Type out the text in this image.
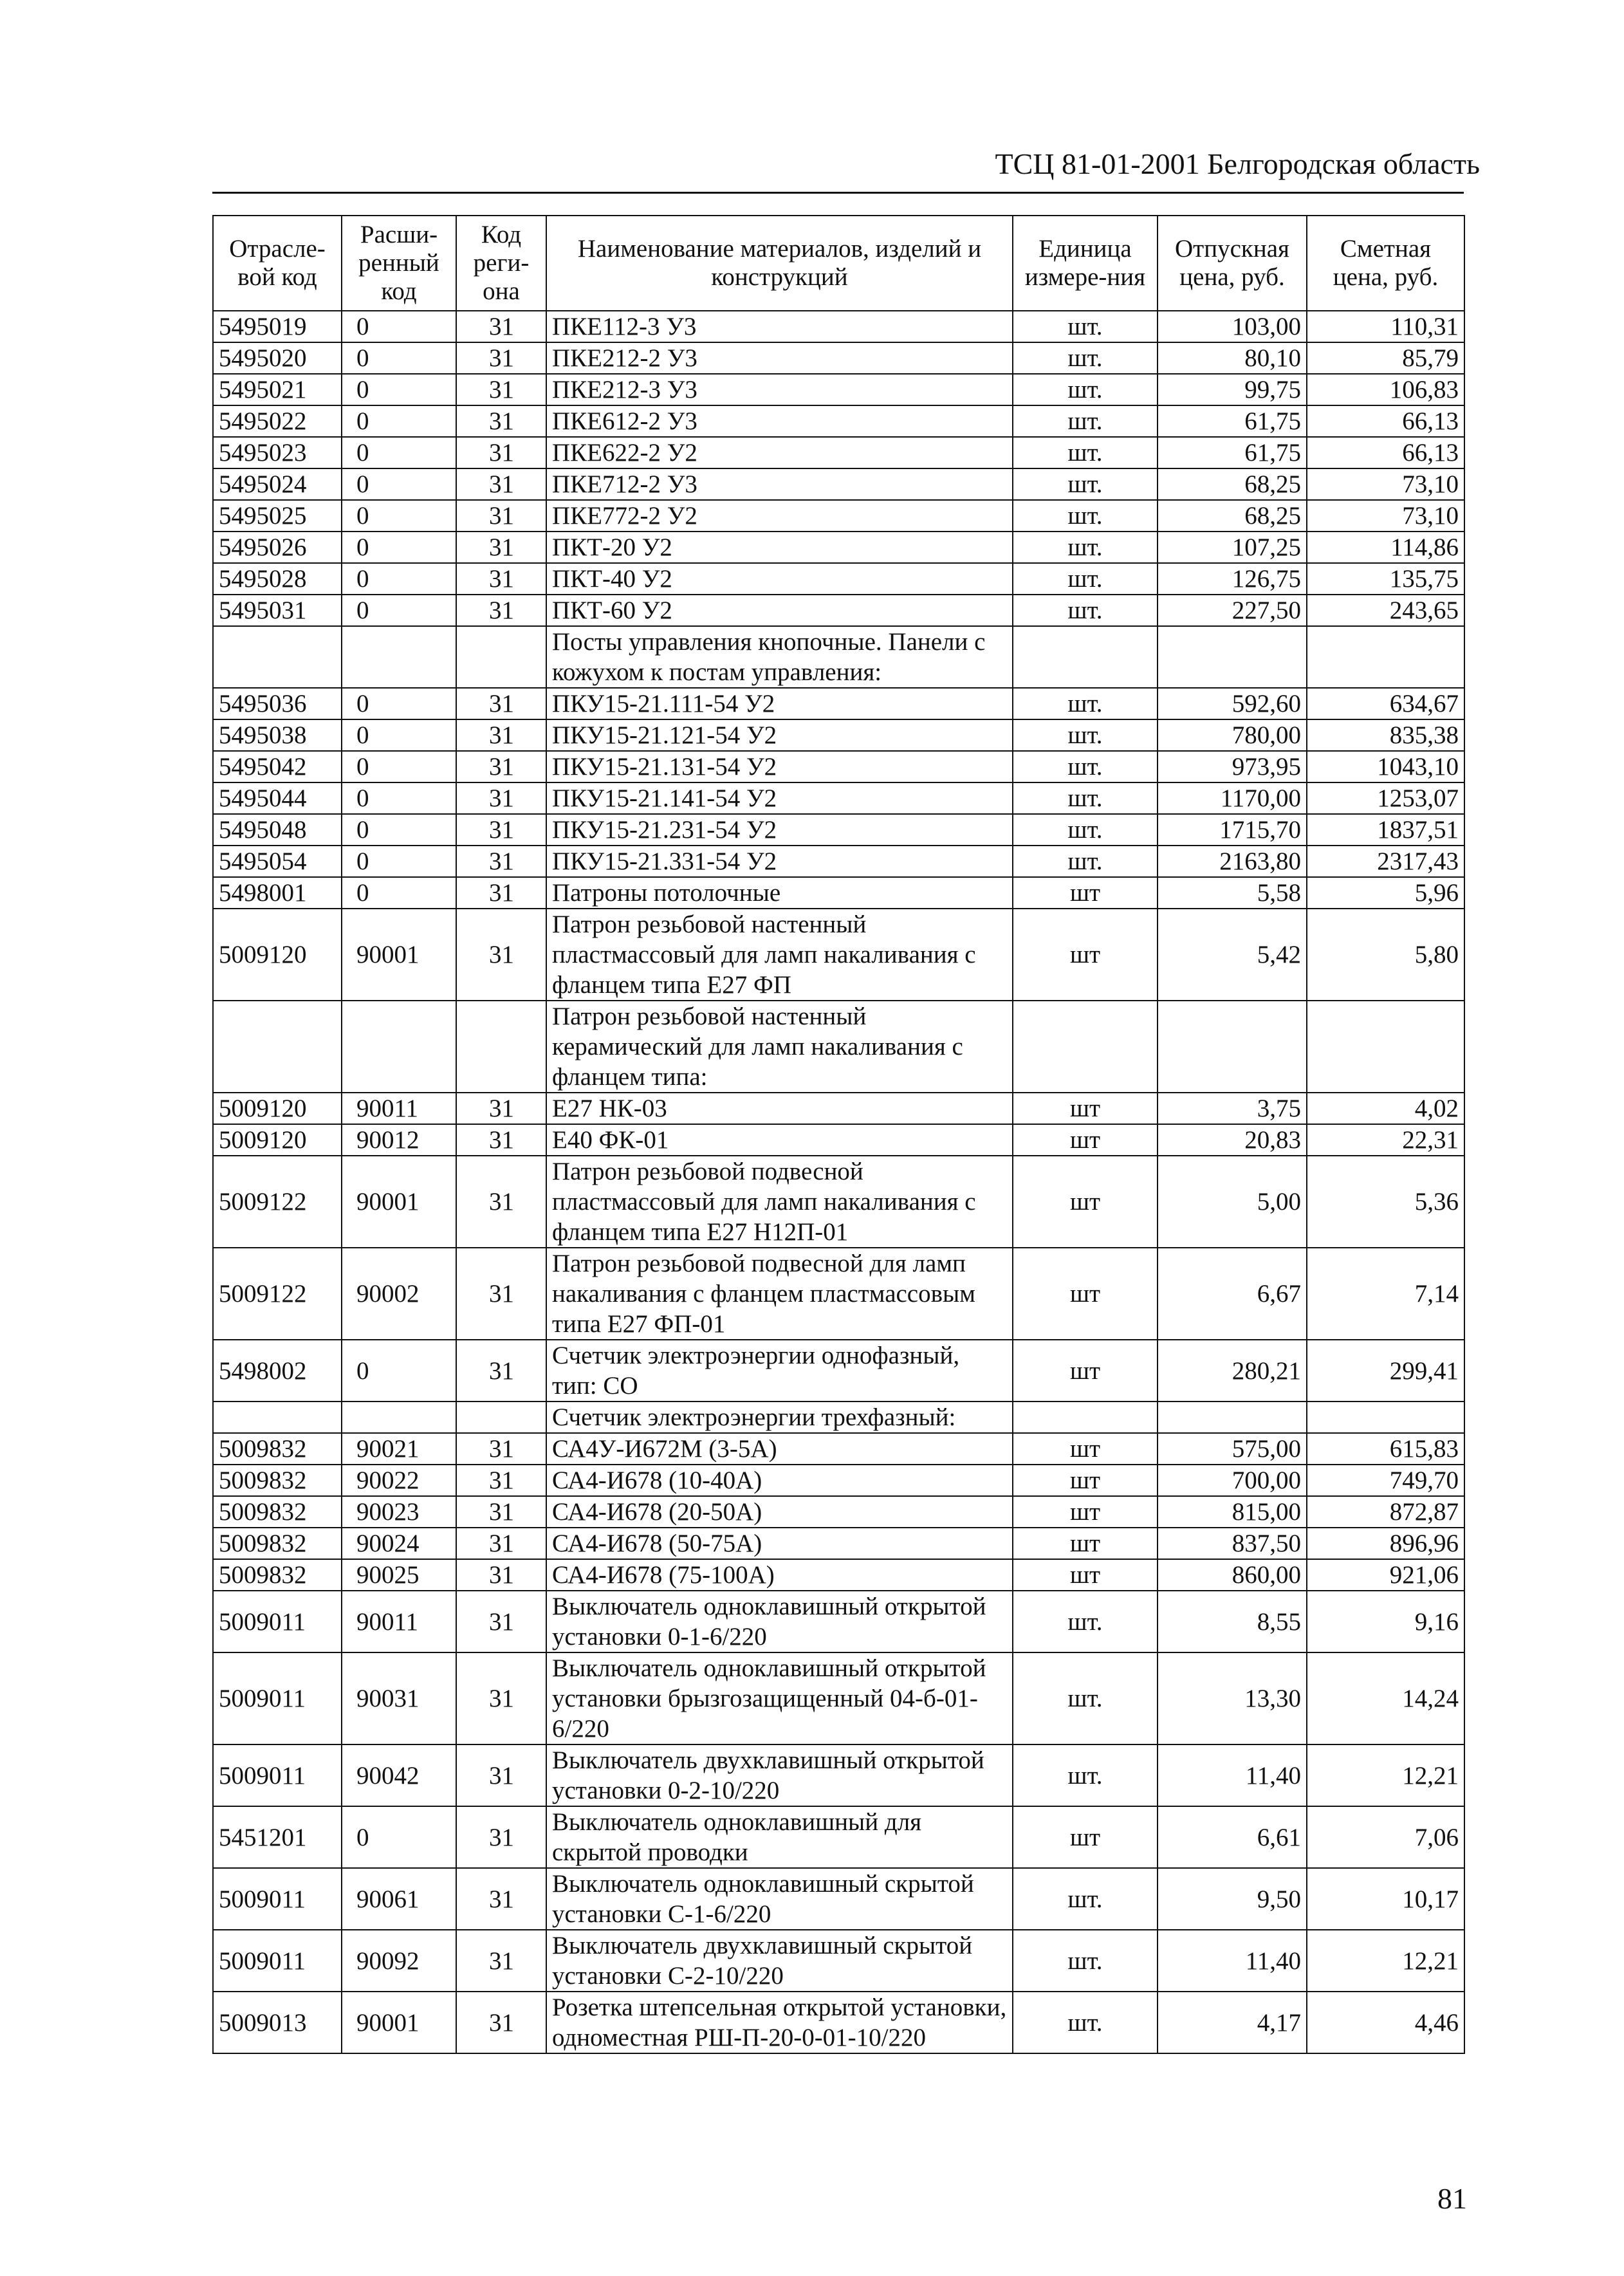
ТСЦ 81-01-2001 Белгородская область
Отрасле-вой код	Расши-ренный код	Код реги-она	Наименование материалов, изделий и конструкций	Единица измере-ния	Отпускная цена, руб.	Сметная цена, руб.
5495019	0	31	ПКЕ112-3 У3	шт.	103,00	110,31
5495020	0	31	ПКЕ212-2 У3	шт.	80,10	85,79
5495021	0	31	ПКЕ212-3 У3	шт.	99,75	106,83
5495022	0	31	ПКЕ612-2 У3	шт.	61,75	66,13
5495023	0	31	ПКЕ622-2 У2	шт.	61,75	66,13
5495024	0	31	ПКЕ712-2 У3	шт.	68,25	73,10
5495025	0	31	ПКЕ772-2 У2	шт.	68,25	73,10
5495026	0	31	ПКТ-20 У2	шт.	107,25	114,86
5495028	0	31	ПКТ-40 У2	шт.	126,75	135,75
5495031	0	31	ПКТ-60 У2	шт.	227,50	243,65
			Посты управления кнопочные. Панели с кожухом к постам управления:			
5495036	0	31	ПКУ15-21.111-54 У2	шт.	592,60	634,67
5495038	0	31	ПКУ15-21.121-54 У2	шт.	780,00	835,38
5495042	0	31	ПКУ15-21.131-54 У2	шт.	973,95	1043,10
5495044	0	31	ПКУ15-21.141-54 У2	шт.	1170,00	1253,07
5495048	0	31	ПКУ15-21.231-54 У2	шт.	1715,70	1837,51
5495054	0	31	ПКУ15-21.331-54 У2	шт.	2163,80	2317,43
5498001	0	31	Патроны потолочные	шт	5,58	5,96
5009120	90001	31	Патрон резьбовой настенный пластмассовый для ламп накаливания с фланцем типа Е27 ФП	шт	5,42	5,80
			Патрон резьбовой настенный керамический для ламп накаливания с фланцем типа:			
5009120	90011	31	Е27 НК-03	шт	3,75	4,02
5009120	90012	31	Е40 ФК-01	шт	20,83	22,31
5009122	90001	31	Патрон резьбовой подвесной пластмассовый для ламп накаливания с фланцем типа Е27 Н12П-01	шт	5,00	5,36
5009122	90002	31	Патрон резьбовой подвесной для ламп накаливания с фланцем пластмассовым типа Е27 ФП-01	шт	6,67	7,14
5498002	0	31	Счетчик электроэнергии однофазный, тип: СО	шт	280,21	299,41
			Счетчик электроэнергии трехфазный:			
5009832	90021	31	СА4У-И672М (3-5А)	шт	575,00	615,83
5009832	90022	31	СА4-И678 (10-40А)	шт	700,00	749,70
5009832	90023	31	СА4-И678 (20-50А)	шт	815,00	872,87
5009832	90024	31	СА4-И678 (50-75А)	шт	837,50	896,96
5009832	90025	31	СА4-И678 (75-100А)	шт	860,00	921,06
5009011	90011	31	Выключатель одноклавишный открытой установки 0-1-6/220	шт.	8,55	9,16
5009011	90031	31	Выключатель одноклавишный открытой установки брызгозащищенный 04-б-01-6/220	шт.	13,30	14,24
5009011	90042	31	Выключатель двухклавишный открытой установки 0-2-10/220	шт.	11,40	12,21
5451201	0	31	Выключатель одноклавишный для скрытой проводки	шт	6,61	7,06
5009011	90061	31	Выключатель одноклавишный скрытой установки С-1-6/220	шт.	9,50	10,17
5009011	90092	31	Выключатель двухклавишный скрытой установки С-2-10/220	шт.	11,40	12,21
5009013	90001	31	Розетка штепсельная открытой установки, одноместная РШ-П-20-0-01-10/220	шт.	4,17	4,46
81
